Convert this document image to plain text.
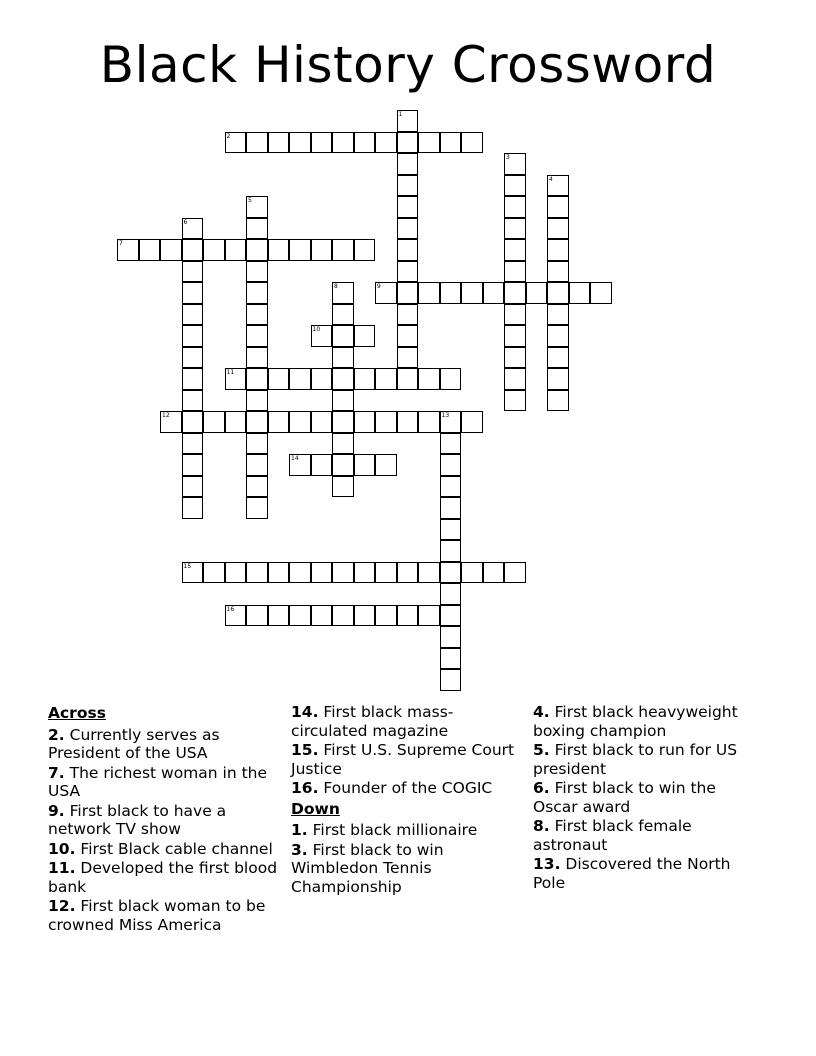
Black History Crossword
2
7
9
10
11
12	13
14
15
16
1
3
4
5
6
8
Across
2. Currently serves as President of the USA
7. The richest woman in the USA
9. First black to have a network TV show
10. First Black cable channel
11. Developed the first blood bank
12. First black woman to be crowned Miss America
14. First black mass-circulated magazine
15. First U.S. Supreme Court Justice
16. Founder of the COGIC
Down
1. First black millionaire
3. First black to win Wimbledon Tennis Championship
4. First black heavyweight boxing champion
5. First black to run for US president
6. First black to win the Oscar award
8. First black female astronaut
13. Discovered the North Pole
